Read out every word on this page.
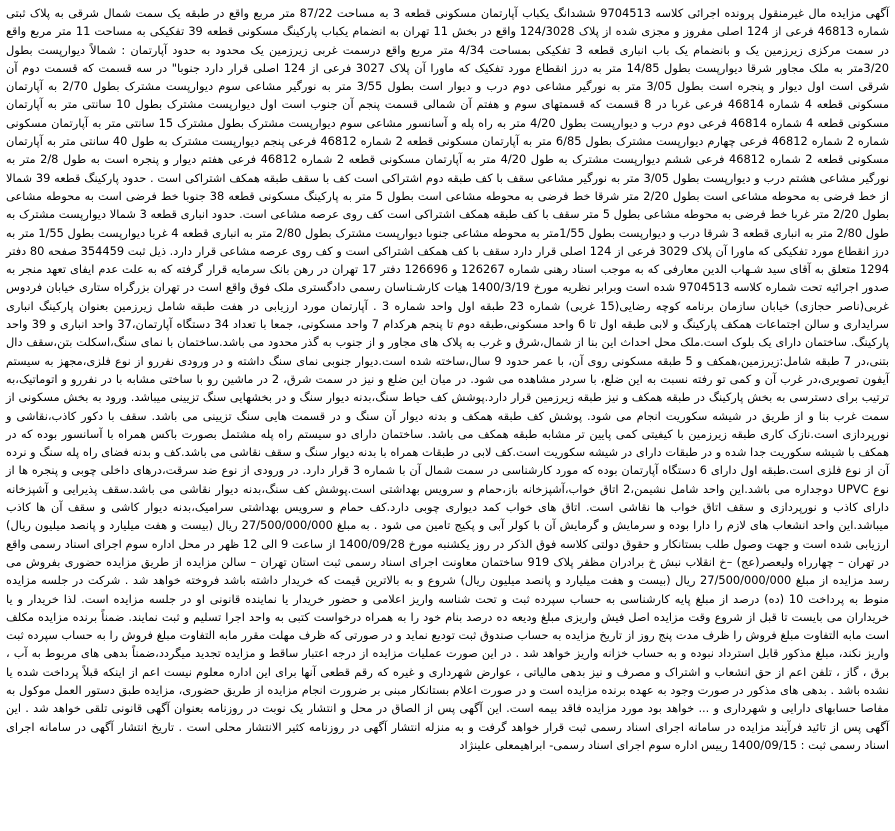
آگهی مزایده مال غیرمنقول پرونده اجرائی کلاسه 9704513 ششدانگ یکباب آپارتمان مسکونی قطعه 3 به مساحت 87/22 متر مربع واقع در طبقه یک سمت شمال شرقی به پلاک ثبتی شماره 46813 فرعی از 124 اصلی مفروز و مجزی شده از پلاک 124/3028 واقع در بخش 11 تهران به انضمام یکباب پارکینگ مسکونی قطعه 39 تفکیکی به مساحت 11 متر مربع واقع در سمت مرکزی زیرزمین یک و بانضمام یک باب انباری قطعه 3 تفکیکی بمساحت 4/34 متر مربع واقع درسمت غربی زیرزمین یک محدود به حدود آپارتمان : شمالاً دیوارپست بطول 3/20متر به ملک مجاور شرقا دیوارپست بطول 14/85 متر به درز انقطاع مورد تفکیک که ماورا آن پلاک 3027 فرعی از 124 اصلی قرار دارد جنوبا" در سه قسمت که قسمت دوم آن شرقی است اول دیوار و پنجره است بطول 3/05 متر به نورگیر مشاعی دوم درب و دیوار است بطول 3/55 متر به نورگیر مشاعی سوم دیوارپست مشترک بطول 2/70 به آپارتمان مسکونی قطعه 4 شماره 46814 فرعی غربا در 8 قسمت که قسمتهای سوم و هفتم آن شمالی قسمت پنجم آن جنوب است اول دیوارپست مشترک بطول 10 سانتی متر به آپارتمان مسکونی قطعه 4 شماره 46814 فرعی دوم درب و دیوارپست بطول 4/20 متر به راه پله و آسانسور مشاعی سوم دیوارپست مشترک بطول مشترک 15 سانتی متر به آپارتمان مسکونی شماره 2 شماره 46812 فرعی چهارم دیوارپست مشترک بطول 6/85 متر به آپارتمان مسکونی قطعه 2 شماره 46812 فرعی پنجم دیوارپست مشترک به طول 40 سانتی متر به آپارتمان مسکونی قطعه 2 شماره 46812 فرعی ششم دیوارپست مشترک به طول 4/20 متر به آپارتمان مسکونی قطعه 2 شماره 46812 فرعی هفتم دیوار و پنجره است به طول 2/8 متر به نورگیر مشاعی هشتم درب و دیوارپست بطول 3/05 متر به نورگیر مشاعی سقف با کف طبقه دوم اشتراکی است کف با سقف طبقه همکف اشتراکی است . حدود پارکینگ قطعه 39 شمالا از خط فرضی به محوطه مشاعی است بطول 2/20 متر شرقا خط فرضی به محوطه مشاعی است بطول 5 متر به پارکینگ مسکونی قطعه 38 جنوبا خط فرضی است به محوطه مشاعی بطول 2/20 متر غربا خط فرضی به محوطه مشاعی بطول 5 متر سقف با کف طبقه همکف اشتراکی است کف روی عرصه مشاعی است. حدود انباری قطعه 3 شمالا دیوارپست مشترک به طول 2/80 متر به انباری قطعه 3 شرقا درب و دیوارپست بطول 1/55متر به محوطه مشاعی جنوبا دیوارپست مشترک بطول 2/80 متر به انباری قطعه 4 غربا دیوارپست بطول 1/55 متر به درز انقطاع مورد تفکیکی که ماورا آن پلاک 3029 فرعی از 124 اصلی قرار دارد سقف با کف همکف اشتراکی است و کف روی عرصه مشاعی قرار دارد. ذیل ثبت 354459 صفحه 80 دفتر 1294 متعلق به آقای سید شـهاب الدین معارفی که به موجب اسناد رهنی شماره 126267 و 126696 دفتر 17 تهران در رهن بانک سرمایه قرار گرفته که به علت عدم ایفای تعهد منجر به صدور اجرائیه تحت شماره کلاسه 9704513 شده است وبرابر نظریه مورخ 1400/3/19 هیات کارشـناسان رسمی دادگستری ملک فوق واقع است در تهران بزرگراه ستاری خیابان فردوس غربی(ناصر حجازی) خیابان سازمان برنامه کوچه رضایی(15 غربی) شماره 23 طبقه اول واحد شماره 3 . آپارتمان مورد ارزیابی در هفت طبقه شامل زیرزمین بعنوان پارکینگ انباری سرایداری و سالن اجتماعات همکف پارکینگ و لابی طبقه اول تا 6 واحد مسکونی،طبقه دوم تا پنجم هرکدام 7 واحد مسکونی، جمعا با تعداد 34 دستگاه آپارتمان،37 واحد انباری و 39 واحد پارکینگ. ساختمان دارای یک بلوک است.ملک محل احداث این بنا از شمال،شرق و غرب به پلاک های مجاور و از جنوب به گذر محدود می باشد.ساختمان با نمای سنگ،اسکلت بتن،سقف دال بتنی،در 7 طبقه شامل:زیرزمین،همکف و 5 طبقه مسکونی روی آن، با عمر حدود 9 سال،ساخته شده است.دیوار جنوبی نمای سنگ داشته و در ورودی نفررو از نوع فلزی،مجهز به سیستم آیفون تصویری،در غرب آن و کمی تو رفته نسبت به این ضلع، با سردر مشاهده می شود. در میان این ضلع و نیز در سمت شرق، 2 در ماشین رو با ساختی مشابه با در نفررو و اتوماتیک،به ترتیب برای دسترسی به بخش پارکینگ در طبقه همکف و نیز طبقه زیرزمین قرار دارد.پوشش کف حیاط سنگ،بدنه دیوار سنگ و در بخشهایی سنگ تزیینی میباشد. ورود به بخش مسکونی از سمت غرب بنا و از طریق در شیشه سکوریت انجام می شود. پوشش کف طبقه همکف و بدنه دیوار آن سنگ و در قسمت هایی سنگ تزیینی می باشد. سقف با دکور کاذب،نقاشی و نورپردازی است.نازک کاری طبقه زیرزمین با کیفیتی کمی پایین تر مشابه طبقه همکف می باشد. ساختمان دارای دو سیستم راه پله مشتمل بصورت باکس همراه با آسانسور بوده که در همکف با شیشه سکوریت جدا شده و در طبقات دارای در شیشه سکوریت است.کف لابی در طبقات همراه با بدنه دیوار سنگ و سقف نقاشی می باشد.کف و بدنه فضای راه پله سنگ و نرده آن از نوع فلزی است.طبقه اول دارای 6 دستگاه آپارتمان بوده که مورد کارشناسی در سمت شمال آن با شماره 3 قرار دارد. در ورودی از نوع ضد سرقت،درهای داخلی چوبی و پنجره ها از نوع UPVC دوجداره می باشد.این واحد شامل نشیمن،2 اتاق خواب،آشپزخانه باز،حمام و سرویس بهداشتی است.پوشش کف سنگ،بدنه دیوار نقاشی می باشد.سقف پذیرایی و آشپزخانه دارای کاذب و نورپردازی و سقف اتاق خواب ها نقاشی است. اتاق های خواب کمد دیواری چوبی دارد.کف حمام و سرویس بهداشتی سرامیک،بدنه دیوار کاشی و سقف آن ها کاذب میباشد.این واحد انشعاب های لازم را دارا بوده و سرمایش و گرمایش آن با کولر آبی و پکیج تامین می شود . به مبلغ 27/500/000/000 ریال (بیست و هفت میلیارد و پانصد میلیون ریال) ارزیابی شده است و جهت وصول طلب بستانکار و حقوق دولتی کلاسه فوق الذکر در روز یکشنبه مورخ 1400/09/28 از ساعت 9 الی 12 ظهر در محل اداره سوم اجرای اسناد رسمی واقع در تهران – چهارراه ولیعصر(عج) –خ انقلاب نبش خ برادران مظفر پلاک 919 ساختمان معاونت اجرای اسناد رسمی ثبت استان تهران – سالن مزایده از طریق مزایده حضوری بفروش می رسد مزایده از مبلغ 27/500/000/000 ریال (بیست و هفت میلیارد و پانصد میلیون ریال) شروع و به بالاترین قیمت که خریدار داشته باشد فروخته خواهد شد . شرکت در جلسه مزایده منوط به پرداخت 10 (ده) درصد از مبلغ پایه کارشناسی به حساب سپرده ثبت و تحت شناسه واریز اعلامی و حضور خریدار یا نماینده قانونی او در جلسه مزایده است. لذا خریدار و یا خریداران می بایست تا قبل از شروع وقت مزایده اصل فیش واریزی مبلغ ودیعه ده درصد بنام خود را به همراه درخواست کتبی به واحد اجرا تسلیم و ثبت نمایند. ضمناً برنده مزایده مکلف است مابه التفاوت مبلغ فروش را ظرف مدت پنج روز از تاریخ مزایده به حساب صندوق ثبت تودیع نماید و در صورتی که ظرف مهلت مقرر مابه التفاوت مبلغ فروش را به حساب سپرده ثبت واریز نکند، مبلغ مذکور قابل استرداد نبوده و به حساب خزانه واریز خواهد شد . در این صورت عملیات مزایده از درجه اعتبار ساقط و مزایده تجدید میگردد،ضمناً بدهی های مربوط به آب ، برق ، گاز ، تلفن اعم از حق انشعاب و اشتراک و مصرف و نیز بدهی مالیاتی ، عوارض شهرداری و غیره که رقم قطعی آنها برای این اداره معلوم نیست اعم از اینکه قبلاً پرداخت شده یا نشده باشد . بدهی های مذکور در صورت وجود به عهده برنده مزایده است و در صورت اعلام بستانکار مبنی بر ضرورت انجام مزایده از طریق حضوری، مزایده طبق دستور العمل موکول به مفاصا حسابهای دارایی و شهرداری و ... خواهد بود مورد مزایده فاقد بیمه است. این آگهی پس از الصاق در محل و انتشار یک نوبت در روزنامه بعنوان آگهی قانونی تلقی خواهد شد . این آگهی پس از تائید فرآیند مزایده در سامانه اجرای اسناد رسمی ثبت قرار خواهد گرفت و به منزله انتشار آگهی در روزنامه کثیر الانتشار محلی است . تاریخ انتشار آگهی در سامانه اجرای اسناد رسمی ثبت : 1400/09/15 رییس اداره سوم اجرای اسناد رسمی- ابراهیمعلی علینژاد
